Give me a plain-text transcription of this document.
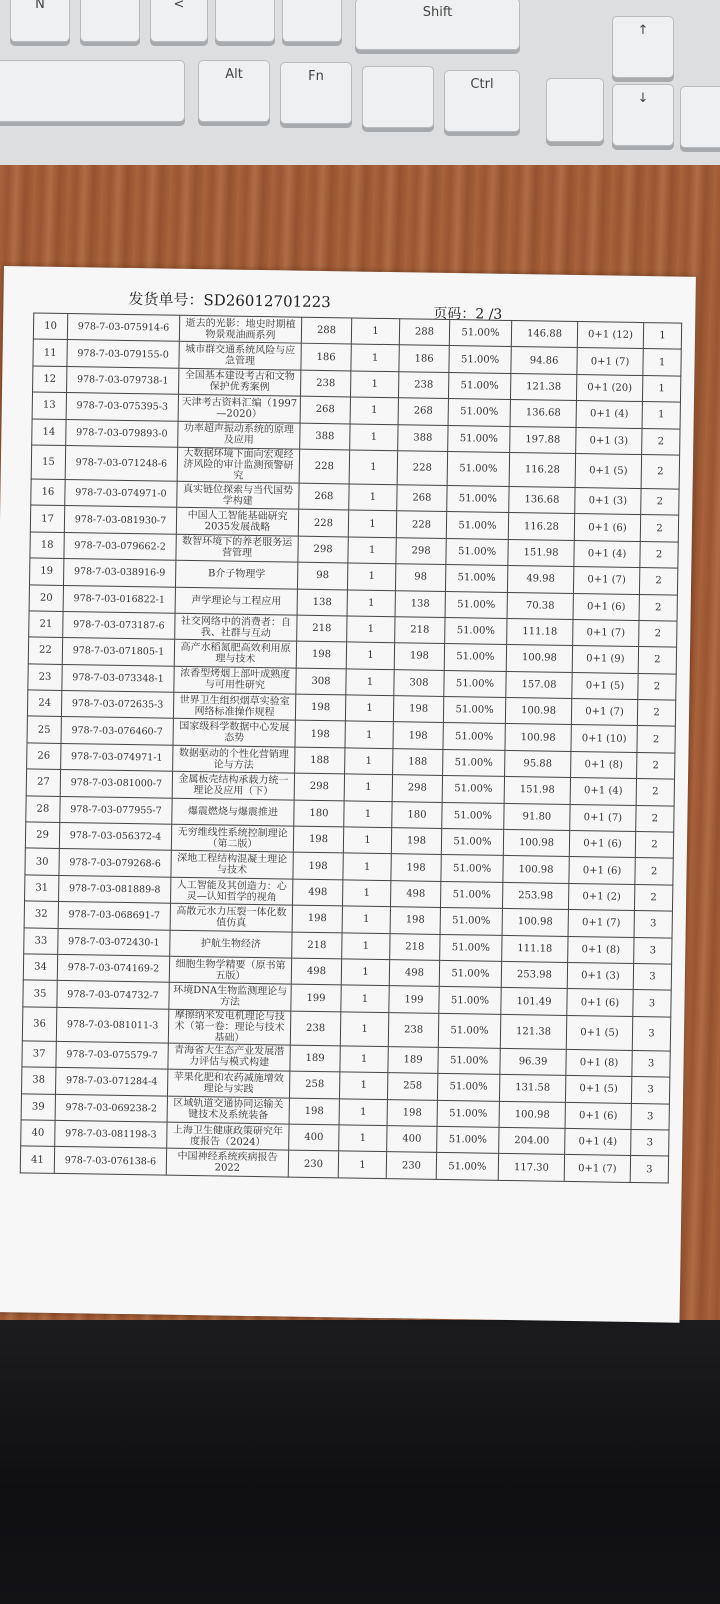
N	<
Shift
Alt	Fn
Ctrl
↑
↓
发货单号：SD26012701223
页码：2 /3
10	978-7-03-075914-6	逝去的光影：地史时期植物景观油画系列	288	1	288	51.00%	146.88	0+1 (12)	1
11	978-7-03-079155-0	城市群交通系统风险与应急管理	186	1	186	51.00%	94.86	0+1 (7)	1
12	978-7-03-079738-1	全国基本建设考古和文物保护优秀案例	238	1	238	51.00%	121.38	0+1 (20)	1
13	978-7-03-075395-3	天津考古资料汇编（1997—2020）	268	1	268	51.00%	136.68	0+1 (4)	1
14	978-7-03-079893-0	功率超声振动系统的原理及应用	388	1	388	51.00%	197.88	0+1 (3)	2
15	978-7-03-071248-6	大数据环境下面向宏观经济风险的审计监测预警研究	228	1	228	51.00%	116.28	0+1 (5)	2
16	978-7-03-074971-0	真实链位探索与当代国势学构建	268	1	268	51.00%	136.68	0+1 (3)	2
17	978-7-03-081930-7	中国人工智能基础研究2035发展战略	228	1	228	51.00%	116.28	0+1 (6)	2
18	978-7-03-079662-2	数智环境下的养老服务运营管理	298	1	298	51.00%	151.98	0+1 (4)	2
19	978-7-03-038916-9	B介子物理学	98	1	98	51.00%	49.98	0+1 (7)	2
20	978-7-03-016822-1	声学理论与工程应用	138	1	138	51.00%	70.38	0+1 (6)	2
21	978-7-03-073187-6	社交网络中的消费者：自我、社群与互动	218	1	218	51.00%	111.18	0+1 (7)	2
22	978-7-03-071805-1	高产水稻氮肥高效利用原理与技术	198	1	198	51.00%	100.98	0+1 (9)	2
23	978-7-03-073348-1	浓香型烤烟上部叶成熟度与可用性研究	308	1	308	51.00%	157.08	0+1 (5)	2
24	978-7-03-072635-3	世界卫生组织烟草实验室网络标准操作规程	198	1	198	51.00%	100.98	0+1 (7)	2
25	978-7-03-076460-7	国家级科学数据中心发展态势	198	1	198	51.00%	100.98	0+1 (10)	2
26	978-7-03-074971-1	数据驱动的个性化营销理论与方法	188	1	188	51.00%	95.88	0+1 (8)	2
27	978-7-03-081000-7	金属板壳结构承载力统一理论及应用（下）	298	1	298	51.00%	151.98	0+1 (4)	2
28	978-7-03-077955-7	爆震燃烧与爆震推进	180	1	180	51.00%	91.80	0+1 (7)	2
29	978-7-03-056372-4	无穷维线性系统控制理论（第二版）	198	1	198	51.00%	100.98	0+1 (6)	2
30	978-7-03-079268-6	深地工程结构混凝土理论与技术	198	1	198	51.00%	100.98	0+1 (6)	2
31	978-7-03-081889-8	人工智能及其创造力：心灵—认知哲学的视角	498	1	498	51.00%	253.98	0+1 (2)	2
32	978-7-03-068691-7	高散元水力压裂一体化数值仿真	198	1	198	51.00%	100.98	0+1 (7)	3
33	978-7-03-072430-1	护航生物经济	218	1	218	51.00%	111.18	0+1 (8)	3
34	978-7-03-074169-2	细胞生物学精要（原书第五版）	498	1	498	51.00%	253.98	0+1 (3)	3
35	978-7-03-074732-7	环境DNA生物监测理论与方法	199	1	199	51.00%	101.49	0+1 (6)	3
36	978-7-03-081011-3	摩擦纳米发电机理论与技术（第一卷：理论与技术基础）	238	1	238	51.00%	121.38	0+1 (5)	3
37	978-7-03-075579-7	青海省大生态产业发展潜力评估与模式构建	189	1	189	51.00%	96.39	0+1 (8)	3
38	978-7-03-071284-4	苹果化肥和农药减施增效理论与实践	258	1	258	51.00%	131.58	0+1 (5)	3
39	978-7-03-069238-2	区域轨道交通协同运输关键技术及系统装备	198	1	198	51.00%	100.98	0+1 (6)	3
40	978-7-03-081198-3	上海卫生健康政策研究年度报告（2024）	400	1	400	51.00%	204.00	0+1 (4)	3
41	978-7-03-076138-6	中国神经系统疾病报告2022	230	1	230	51.00%	117.30	0+1 (7)	3
